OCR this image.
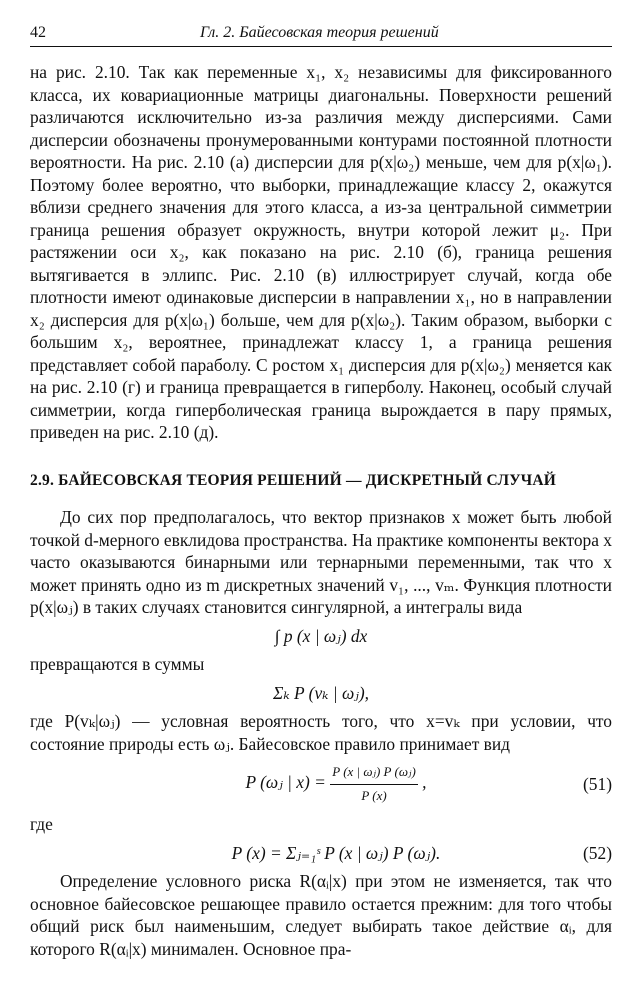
42	Гл. 2. Байесовская теория решений

на рис. 2.10. Так как переменные x₁, x₂ независимы для фиксированного класса, их ковариационные матрицы диагональны. Поверхности решений различаются исключительно из-за различия между дисперсиями. Сами дисперсии обозначены пронумерованными контурами постоянной плотности вероятности. На рис. 2.10 (а) дисперсии для p(x|ω₂) меньше, чем для p(x|ω₁). Поэтому более вероятно, что выборки, принадлежащие классу 2, окажутся вблизи среднего значения для этого класса, а из-за центральной симметрии граница решения образует окружность, внутри которой лежит μ₂. При растяжении оси x₂, как показано на рис. 2.10 (б), граница решения вытягивается в эллипс. Рис. 2.10 (в) иллюстрирует случай, когда обе плотности имеют одинаковые дисперсии в направлении x₁, но в направлении x₂ дисперсия для p(x|ω₁) больше, чем для p(x|ω₂). Таким образом, выборки с большим x₂, вероятнее, принадлежат классу 1, а граница решения представляет собой параболу. С ростом x₁ дисперсия для p(x|ω₂) меняется как на рис. 2.10 (г) и граница превращается в гиперболу. Наконец, особый случай симметрии, когда гиперболическая граница вырождается в пару прямых, приведен на рис. 2.10 (д).

2.9. БАЙЕСОВСКАЯ ТЕОРИЯ РЕШЕНИЙ — ДИСКРЕТНЫЙ СЛУЧАЙ

До сих пор предполагалось, что вектор признаков x может быть любой точкой d-мерного евклидова пространства. На практике компоненты вектора x часто оказываются бинарными или тернарными переменными, так что x может принять одно из m дискретных значений v₁, ..., vₘ. Функция плотности p(x|ωⱼ) в таких случаях становится сингулярной, а интегралы вида

∫ p (x | ωⱼ) dx

превращаются в суммы

Σₖ P (vₖ | ωⱼ),

где P(vₖ|ωⱼ) — условная вероятность того, что x=vₖ при условии, что состояние природы есть ωⱼ. Байесовское правило принимает вид

P (ωⱼ | $x) = \frac{\text{P (x | ωⱼ) P (ωⱼ)}}{P (x)}$ ,	(51)

где

P (x) = Σⱼ₌₁ˢ P (x | ωⱼ) P (ωⱼ).	(52)

Определение условного риска R(αᵢ|x) при этом не изменяется, так что основное байесовское решающее правило остается прежним: для того чтобы общий риск был наименьшим, следует выбирать такое действие αᵢ, для которого R(αᵢ|x) минимален. Основное пра-
